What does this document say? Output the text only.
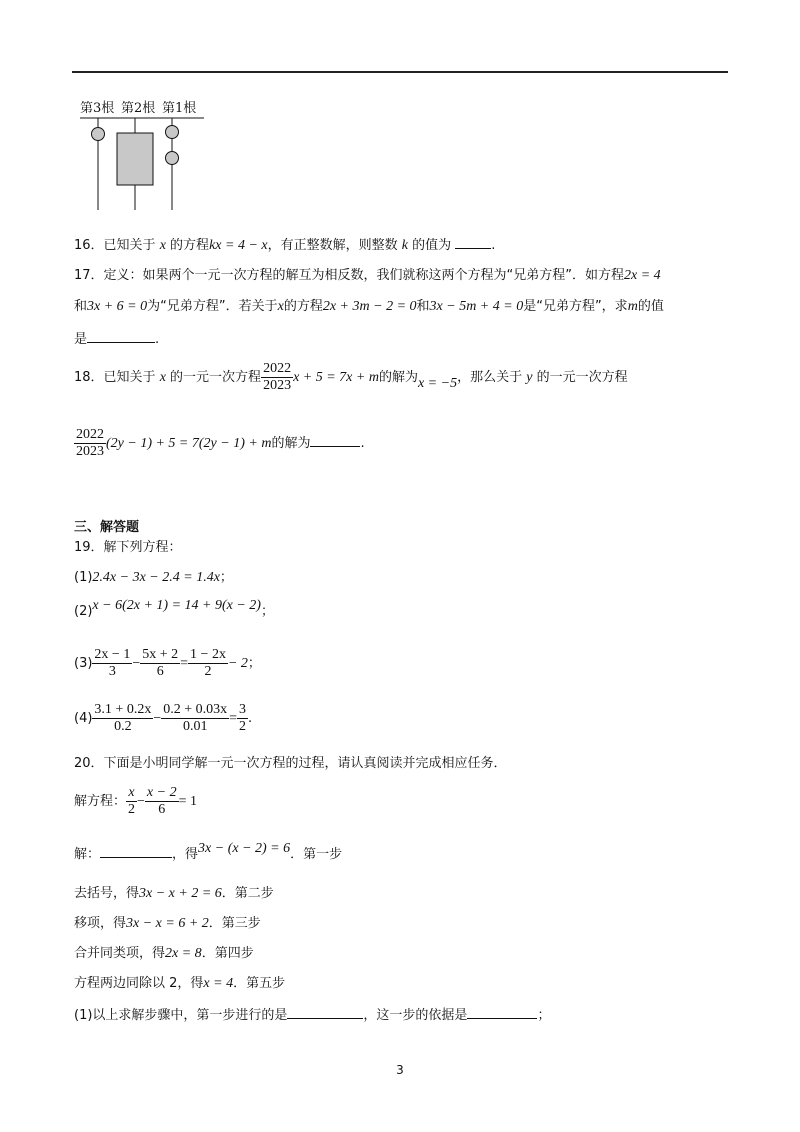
第3根 第2根 第1根
16．已知关于 x 的方程kx = 4 − x，有正整数解，则整数 k 的值为	.
17．定义：如果两个一元一次方程的解互为相反数，我们就称这两个方程为“兄弟方程”．如方程2x = 4
和3x + 6 = 0为“兄弟方程”．若关于x的方程2x + 3m − 2 = 0和3x − 5m + 4 = 0是“兄弟方程”，求m的值
是	.
18．已知关于 x 的一元一次方程 $\frac{2022}{2023}$ x + 5 = 7x + m的解为x = −5，那么关于 y 的一元一次方程
$\frac{2022}{2023} (2y - 1) + 5 = 7(2y - 1) + m$的解为	.
三、解答题
19．解下列方程：
(1)2.4x − 3x − 2.4 = 1.4x；
(2)x − 6(2x + 1) = 14 + 9(x − 2)；
$(3) \frac{2x - 1}{3} - \frac{5x + 2}{6} = \frac{1 - 2x}{2} - 2$；
$(4) \frac{3.1 + 0.2x}{0.2} - \frac{0.2 + 0.03x}{0.01} = \frac{3}{2}$ .
20．下面是小明同学解一元一次方程的过程，请认真阅读并完成相应任务．
解方程： $\frac{x}{2} - \frac{x - 2}{6} = 1$
解：	，得3x − (x − 2) = 6．第一步
去括号，得3x − x + 2 = 6．第二步
移项，得3x − x = 6 + 2．第三步
合并同类项，得2x = 8．第四步
方程两边同除以 2，得x = 4．第五步
(1)以上求解步骤中，第一步进行的是	，这一步的依据是	；
3
